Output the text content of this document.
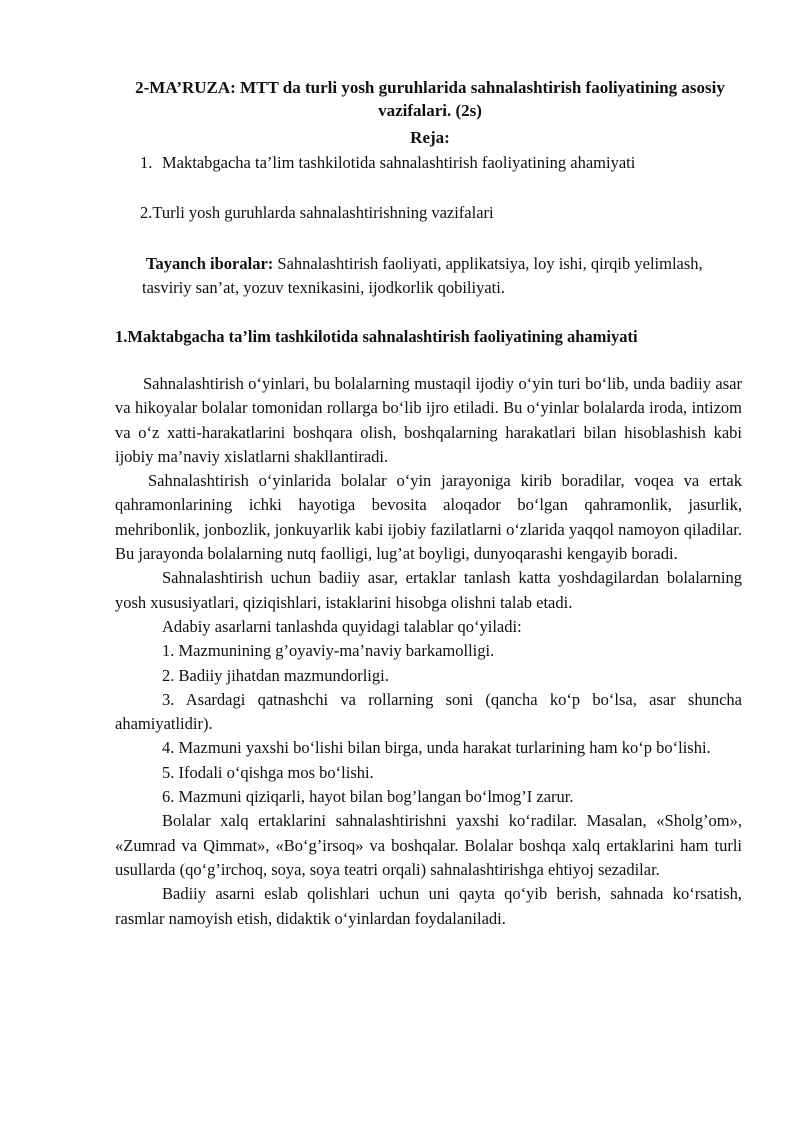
2-MA’RUZA: MTT da turli yosh guruhlarida sahnalashtirish faoliyatining asosiy vazifalari. (2s)
Reja:
1. Maktabgacha ta’lim tashkilotida sahnalashtirish faoliyatining ahamiyati
2.Turli yosh guruhlarda sahnalashtirishning vazifalari
Tayanch iboralar: Sahnalashtirish faoliyati, applikatsiya, loy ishi, qirqib yelimlash, tasviriy san’at, yozuv texnikasini, ijodkorlik qobiliyati.
1.Maktabgacha ta’lim tashkilotida sahnalashtirish faoliyatining ahamiyati

Sahnalashtirish o‘yinlari, bu bolalarning mustaqil ijodiy o‘yin turi bo‘lib, unda badiiy asar va hikoyalar bolalar tomonidan rollarga bo‘lib ijro etiladi. Bu o‘yinlar bolalarda iroda, intizom va o‘z xatti-harakatlarini boshqara olish, boshqalarning harakatlari bilan hisoblashish kabi ijobiy ma’naviy xislatlarni shakllantiradi.

Sahnalashtirish o‘yinlarida bolalar o‘yin jarayoniga kirib boradilar, voqea va ertak qahramonlarining ichki hayotiga bevosita aloqador bo‘lgan qahramonlik, jasurlik, mehribonlik, jonbozlik, jonkuyarlik kabi ijobiy fazilatlarni o‘zlarida yaqqol namoyon qiladilar. Bu jarayonda bolalarning nutq faolligi, lug’at boyligi, dunyoqarashi kengayib boradi.

Sahnalashtirish uchun badiiy asar, ertaklar tanlash katta yoshdagilardan bolalarning yosh xususiyatlari, qiziqishlari, istaklarini hisobga olishni talab etadi.

Adabiy asarlarni tanlashda quyidagi talablar qo‘yiladi:

1. Mazmunining g’oyaviy-ma’naviy barkamolligi.

2. Badiiy jihatdan mazmundorligi.

3. Asardagi qatnashchi va rollarning soni (qancha ko‘p bo‘lsa, asar shuncha ahamiyatlidir).

4. Mazmuni yaxshi bo‘lishi bilan birga, unda harakat turlarining ham ko‘p bo‘lishi.

5. Ifodali o‘qishga mos bo‘lishi.

6. Mazmuni qiziqarli, hayot bilan bog’langan bo‘lmog’I zarur.

Bolalar xalq ertaklarini sahnalashtirishni yaxshi ko‘radilar. Masalan, «Sholg’om», «Zumrad va Qimmat», «Bo‘g’irsoq» va boshqalar. Bolalar boshqa xalq ertaklarini ham turli usullarda (qo‘g’irchoq, soya, soya teatri orqali) sahnalashtirishga ehtiyoj sezadilar.

Badiiy asarni eslab qolishlari uchun uni qayta qo‘yib berish, sahnada ko‘rsatish, rasmlar namoyish etish, didaktik o‘yinlardan foydalaniladi.
